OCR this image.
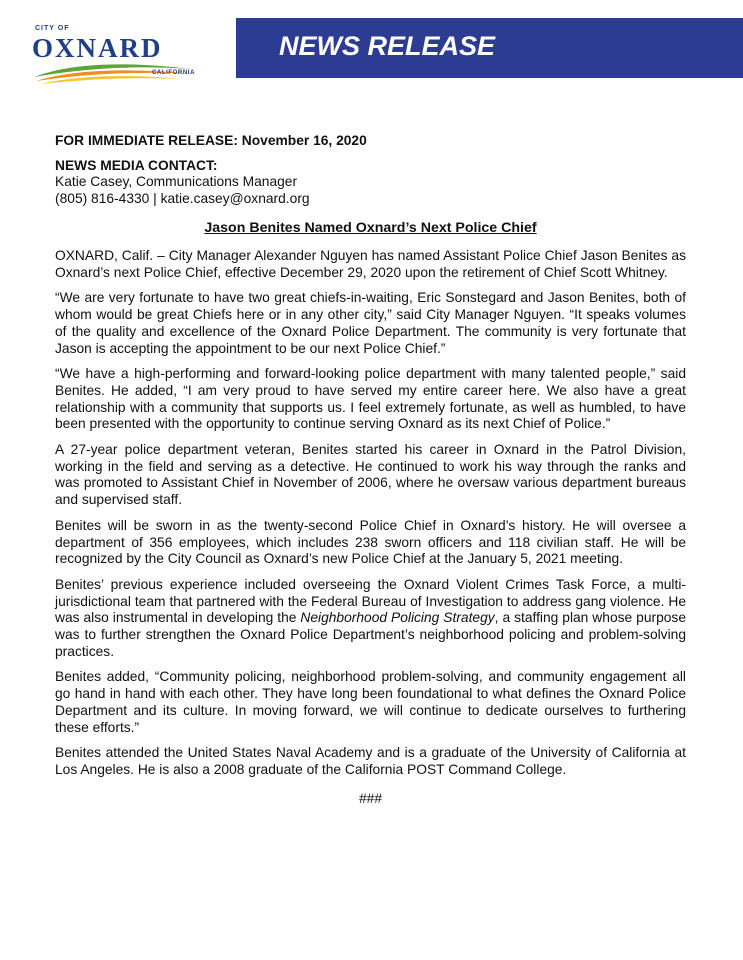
CITY OF
OXNARD
CALIFORNIA
NEWS RELEASE
FOR IMMEDIATE RELEASE: November 16, 2020
NEWS MEDIA CONTACT:
Katie Casey, Communications Manager
(805) 816-4330 | katie.casey@oxnard.org
Jason Benites Named Oxnard’s Next Police Chief

OXNARD, Calif. – City Manager Alexander Nguyen has named Assistant Police Chief Jason Benites as Oxnard’s next Police Chief, effective December 29, 2020 upon the retirement of Chief Scott Whitney.

“We are very fortunate to have two great chiefs-in-waiting, Eric Sonstegard and Jason Benites, both of whom would be great Chiefs here or in any other city,” said City Manager Nguyen. “It speaks volumes of the quality and excellence of the Oxnard Police Department. The community is very fortunate that Jason is accepting the appointment to be our next Police Chief.”

“We have a high-performing and forward-looking police department with many talented people,” said Benites. He added, “I am very proud to have served my entire career here. We also have a great relationship with a community that supports us. I feel extremely fortunate, as well as humbled, to have been presented with the opportunity to continue serving Oxnard as its next Chief of Police.”

A 27-year police department veteran, Benites started his career in Oxnard in the Patrol Division, working in the field and serving as a detective. He continued to work his way through the ranks and was promoted to Assistant Chief in November of 2006, where he oversaw various department bureaus and supervised staff.

Benites will be sworn in as the twenty-second Police Chief in Oxnard’s history. He will oversee a department of 356 employees, which includes 238 sworn officers and 118 civilian staff. He will be recognized by the City Council as Oxnard’s new Police Chief at the January 5, 2021 meeting.

Benites’ previous experience included overseeing the Oxnard Violent Crimes Task Force, a multi-jurisdictional team that partnered with the Federal Bureau of Investigation to address gang violence. He was also instrumental in developing the Neighborhood Policing Strategy, a staffing plan whose purpose was to further strengthen the Oxnard Police Department’s neighborhood policing and problem-solving practices.

Benites added, “Community policing, neighborhood problem-solving, and community engagement all go hand in hand with each other. They have long been foundational to what defines the Oxnard Police Department and its culture. In moving forward, we will continue to dedicate ourselves to furthering these efforts.”

Benites attended the United States Naval Academy and is a graduate of the University of California at Los Angeles. He is also a 2008 graduate of the California POST Command College.

###
